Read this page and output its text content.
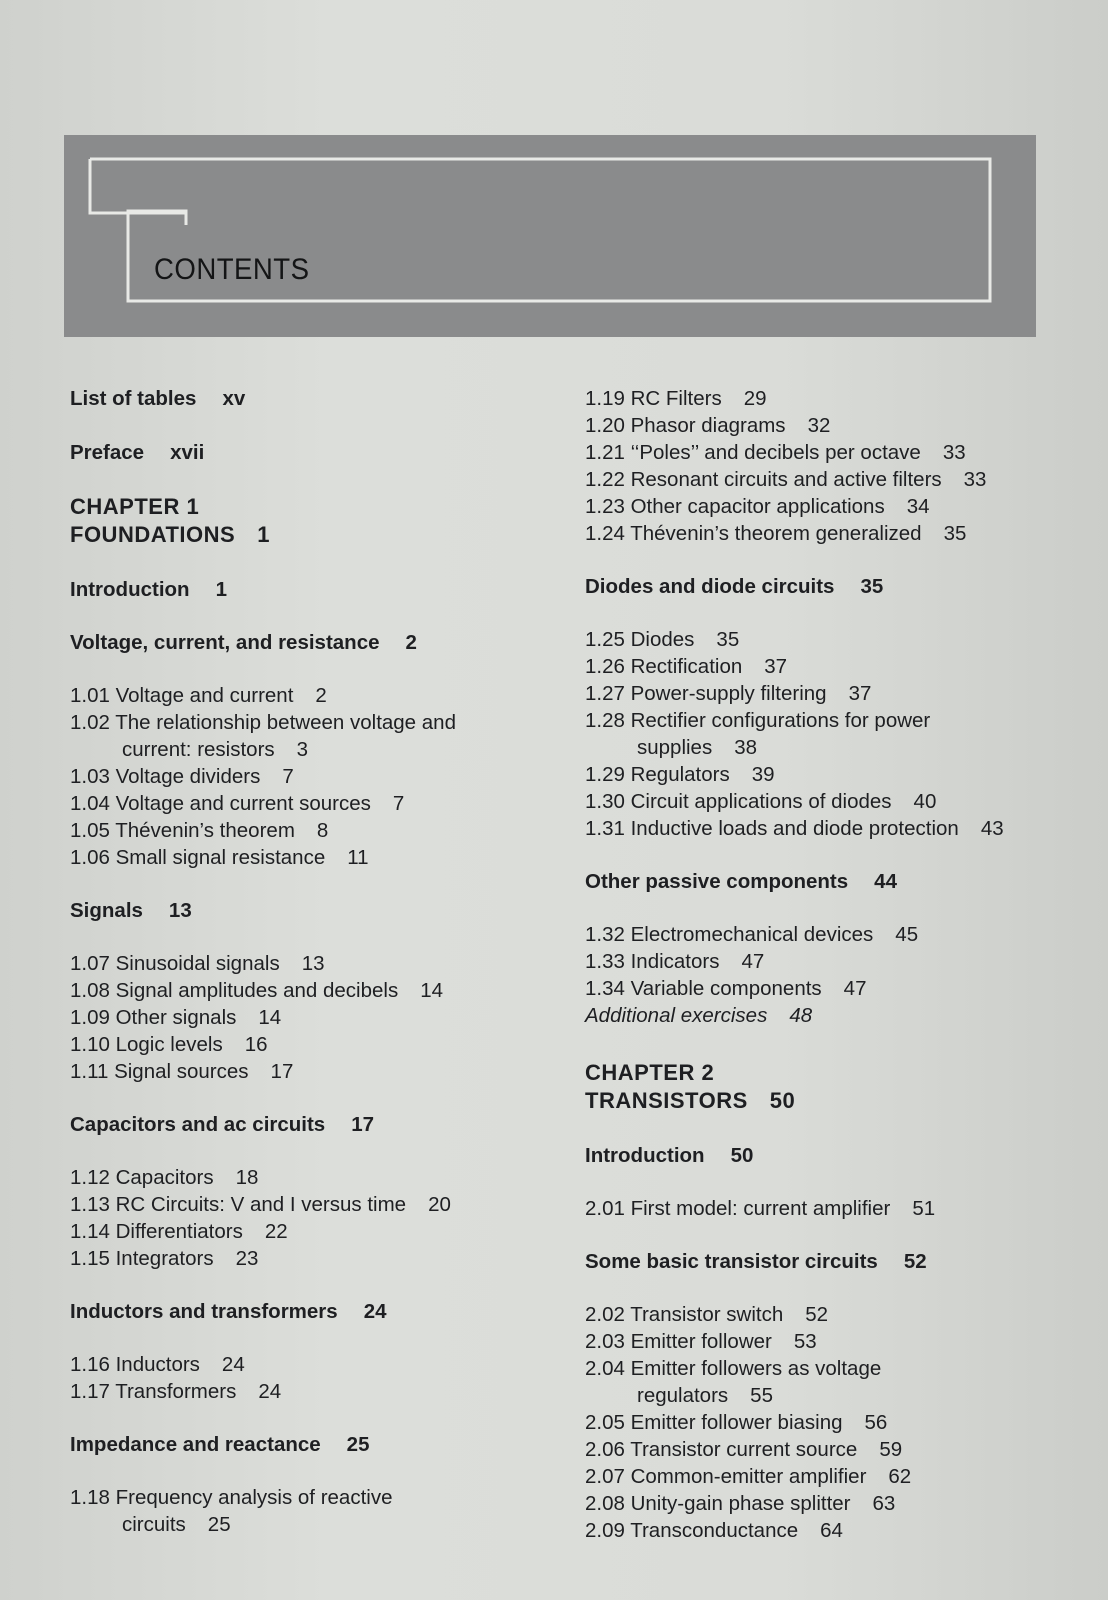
CONTENTS
List of tables xv
Preface xvii
CHAPTER 1
FOUNDATIONS 1
Introduction 1
Voltage, current, and resistance 2
1.01 Voltage and current 2
1.02 The relationship between voltage and
current: resistors 3
1.03 Voltage dividers 7
1.04 Voltage and current sources 7
1.05 Thévenin’s theorem 8
1.06 Small signal resistance 11
Signals 13
1.07 Sinusoidal signals 13
1.08 Signal amplitudes and decibels 14
1.09 Other signals 14
1.10 Logic levels 16
1.11 Signal sources 17
Capacitors and ac circuits 17
1.12 Capacitors 18
1.13 RC Circuits: V and I versus time 20
1.14 Differentiators 22
1.15 Integrators 23
Inductors and transformers 24
1.16 Inductors 24
1.17 Transformers 24
Impedance and reactance 25
1.18 Frequency analysis of reactive
circuits 25
1.19 RC Filters 29
1.20 Phasor diagrams 32
1.21 ‘‘Poles’’ and decibels per octave 33
1.22 Resonant circuits and active filters 33
1.23 Other capacitor applications 34
1.24 Thévenin’s theorem generalized 35
Diodes and diode circuits 35
1.25 Diodes 35
1.26 Rectification 37
1.27 Power-supply filtering 37
1.28 Rectifier configurations for power
supplies 38
1.29 Regulators 39
1.30 Circuit applications of diodes 40
1.31 Inductive loads and diode protection 43
Other passive components 44
1.32 Electromechanical devices 45
1.33 Indicators 47
1.34 Variable components 47
Additional exercises 48
CHAPTER 2
TRANSISTORS 50
Introduction 50
2.01 First model: current amplifier 51
Some basic transistor circuits 52
2.02 Transistor switch 52
2.03 Emitter follower 53
2.04 Emitter followers as voltage
regulators 55
2.05 Emitter follower biasing 56
2.06 Transistor current source 59
2.07 Common-emitter amplifier 62
2.08 Unity-gain phase splitter 63
2.09 Transconductance 64
